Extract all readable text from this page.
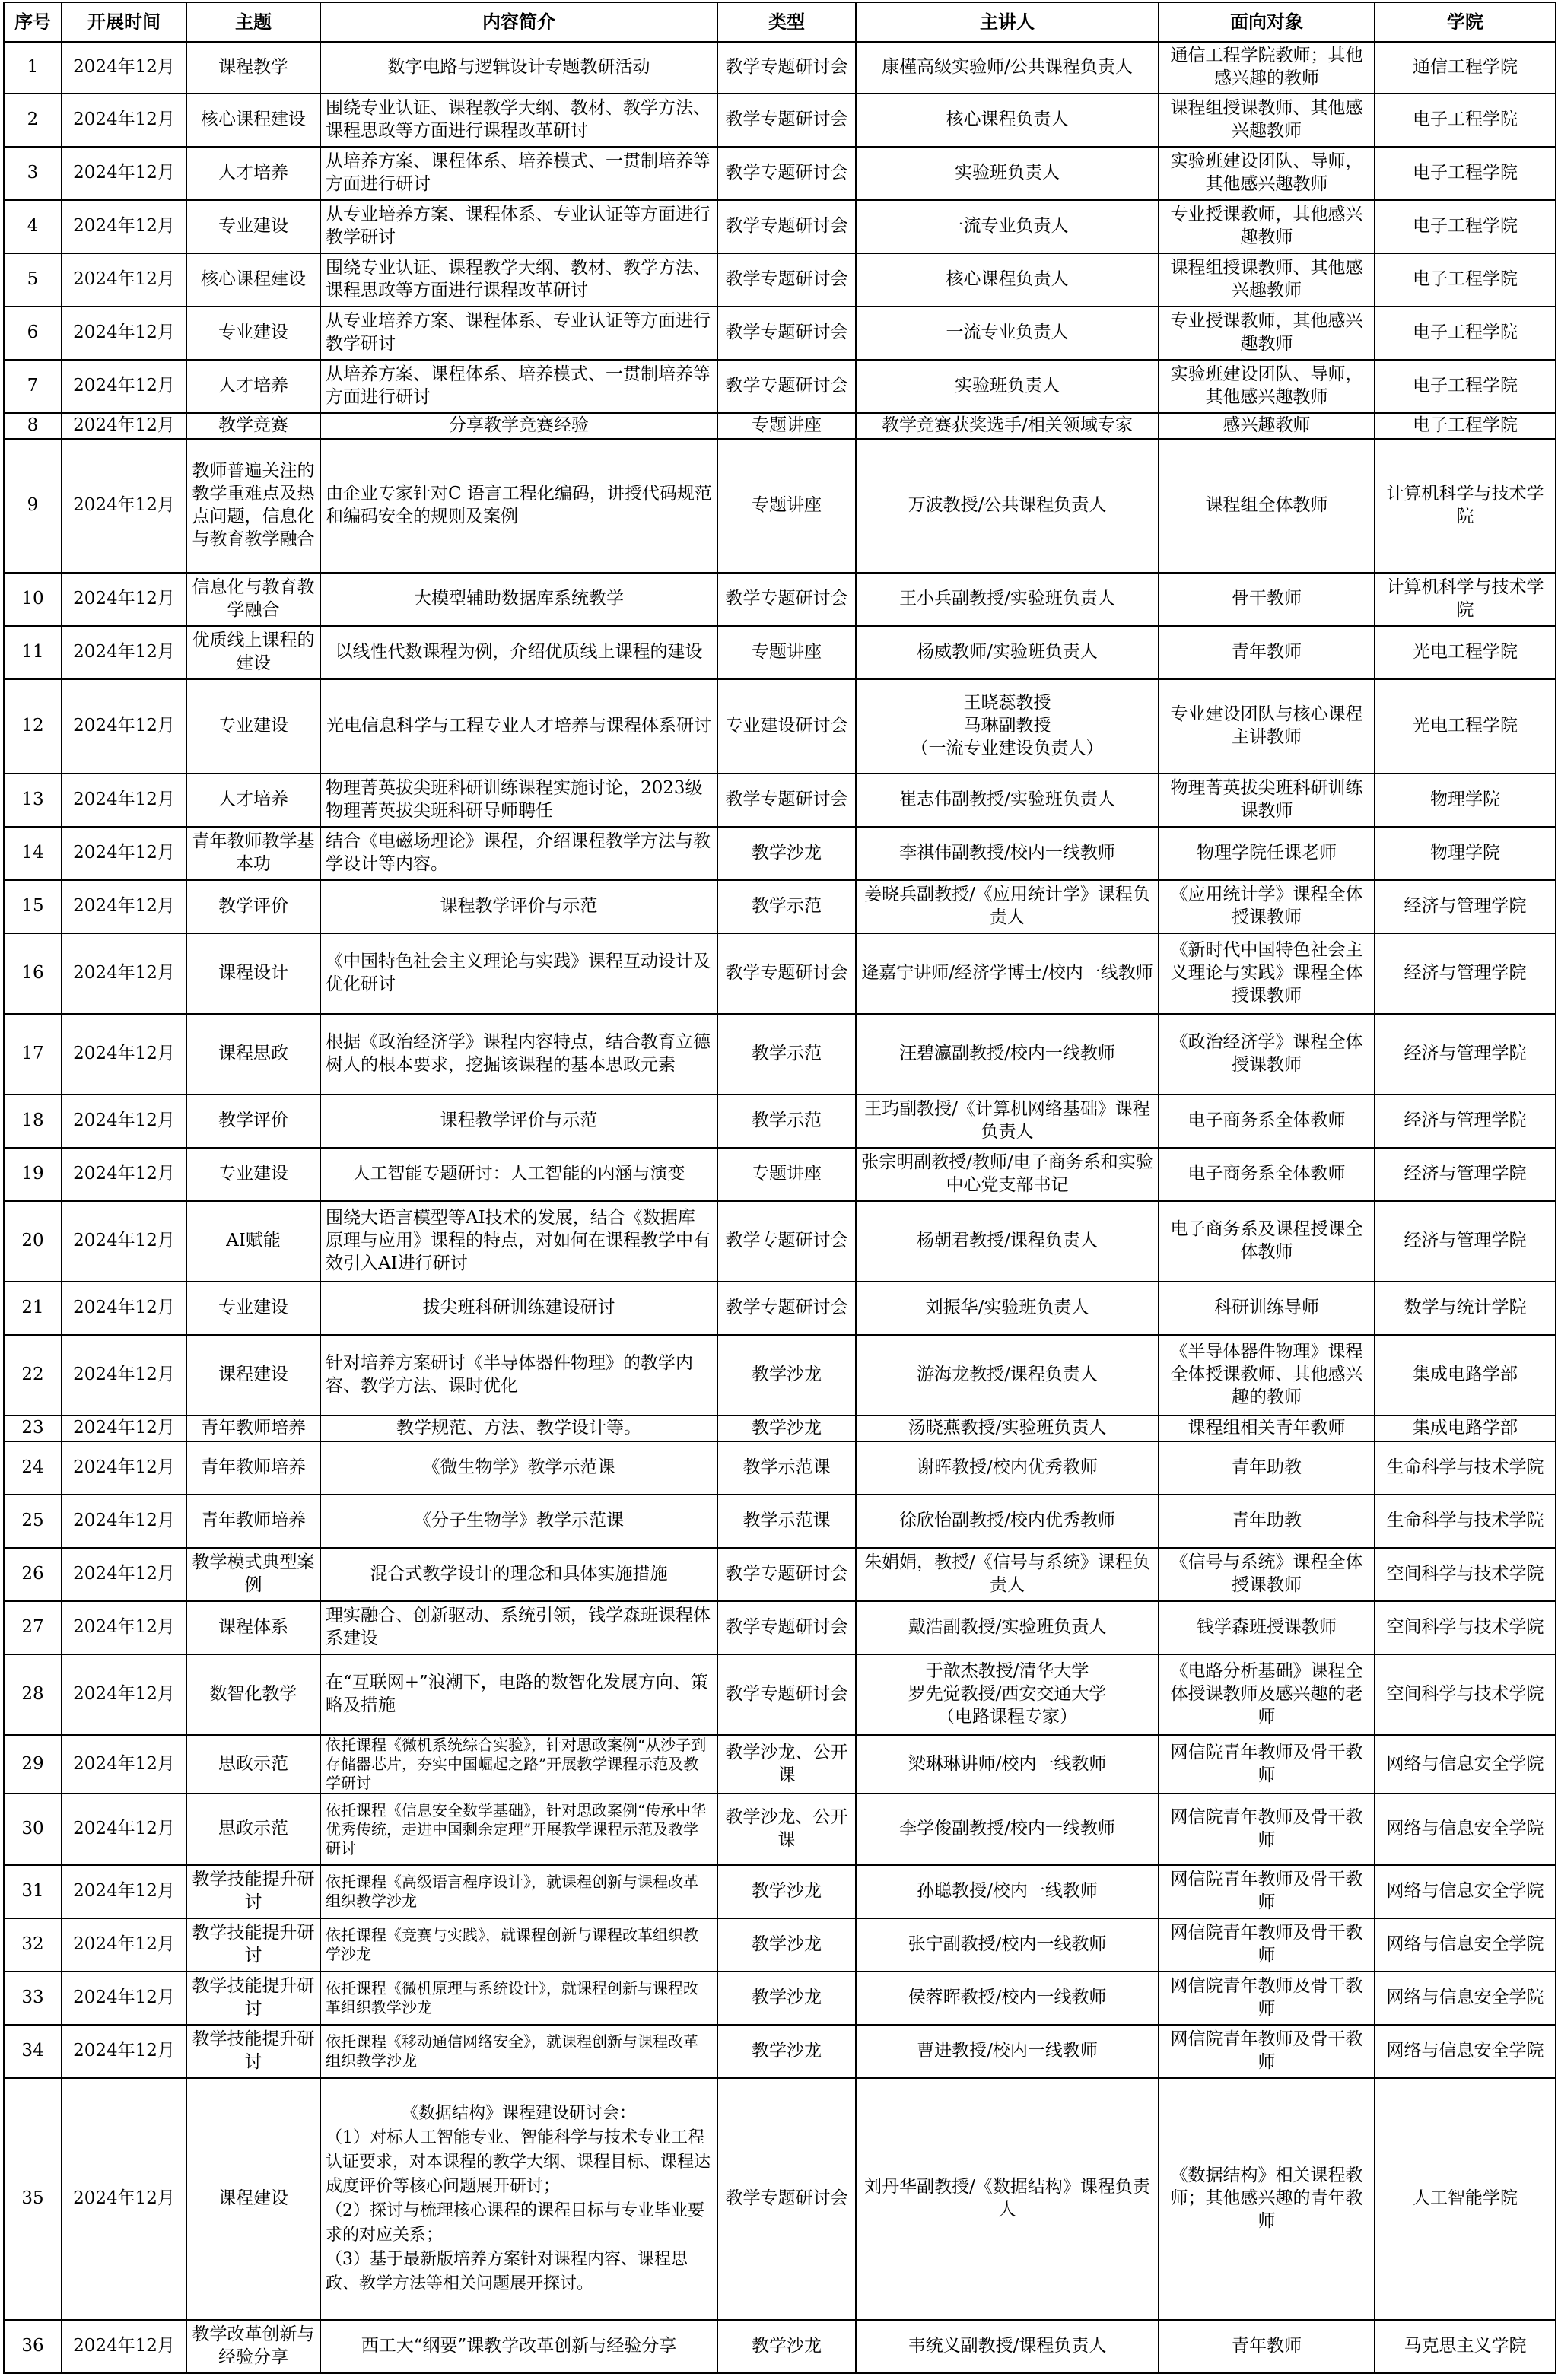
序号	开展时间	主题	内容简介	类型	主讲人	面向对象	学院
1	2024年12月	课程教学	数字电路与逻辑设计专题教研活动	教学专题研讨会	康槿高级实验师/公共课程负责人	通信工程学院教师；其他感兴趣的教师	通信工程学院
2	2024年12月	核心课程建设	围绕专业认证、课程教学大纲、教材、教学方法、课程思政等方面进行课程改革研讨	教学专题研讨会	核心课程负责人	课程组授课教师、其他感兴趣教师	电子工程学院
3	2024年12月	人才培养	从培养方案、课程体系、培养模式、一贯制培养等方面进行研讨	教学专题研讨会	实验班负责人	实验班建设团队、导师，其他感兴趣教师	电子工程学院
4	2024年12月	专业建设	从专业培养方案、课程体系、专业认证等方面进行教学研讨	教学专题研讨会	一流专业负责人	专业授课教师，其他感兴趣教师	电子工程学院
5	2024年12月	核心课程建设	围绕专业认证、课程教学大纲、教材、教学方法、课程思政等方面进行课程改革研讨	教学专题研讨会	核心课程负责人	课程组授课教师、其他感兴趣教师	电子工程学院
6	2024年12月	专业建设	从专业培养方案、课程体系、专业认证等方面进行教学研讨	教学专题研讨会	一流专业负责人	专业授课教师，其他感兴趣教师	电子工程学院
7	2024年12月	人才培养	从培养方案、课程体系、培养模式、一贯制培养等方面进行研讨	教学专题研讨会	实验班负责人	实验班建设团队、导师，其他感兴趣教师	电子工程学院
8	2024年12月	教学竞赛	分享教学竞赛经验	专题讲座	教学竞赛获奖选手/相关领域专家	感兴趣教师	电子工程学院
9	2024年12月	教师普遍关注的教学重难点及热点问题，信息化与教育教学融合	由企业专家针对C 语言工程化编码，讲授代码规范和编码安全的规则及案例	专题讲座	万波教授/公共课程负责人	课程组全体教师	计算机科学与技术学院
10	2024年12月	信息化与教育教学融合	大模型辅助数据库系统教学	教学专题研讨会	王小兵副教授/实验班负责人	骨干教师	计算机科学与技术学院
11	2024年12月	优质线上课程的建设	以线性代数课程为例，介绍优质线上课程的建设	专题讲座	杨威教师/实验班负责人	青年教师	光电工程学院
12	2024年12月	专业建设	光电信息科学与工程专业人才培养与课程体系研讨	专业建设研讨会	王晓蕊教授
马琳副教授
（一流专业建设负责人）	专业建设团队与核心课程主讲教师	光电工程学院
13	2024年12月	人才培养	物理菁英拔尖班科研训练课程实施讨论，2023级物理菁英拔尖班科研导师聘任	教学专题研讨会	崔志伟副教授/实验班负责人	物理菁英拔尖班科研训练课教师	物理学院
14	2024年12月	青年教师教学基本功	结合《电磁场理论》课程，介绍课程教学方法与教学设计等内容。	教学沙龙	李祺伟副教授/校内一线教师	物理学院任课老师	物理学院
15	2024年12月	教学评价	课程教学评价与示范	教学示范	姜晓兵副教授/《应用统计学》课程负责人	《应用统计学》课程全体授课教师	经济与管理学院
16	2024年12月	课程设计	《中国特色社会主义理论与实践》课程互动设计及优化研讨	教学专题研讨会	逄嘉宁讲师/经济学博士/校内一线教师	《新时代中国特色社会主义理论与实践》课程全体授课教师	经济与管理学院
17	2024年12月	课程思政	根据《政治经济学》课程内容特点，结合教育立德树人的根本要求，挖掘该课程的基本思政元素	教学示范	汪碧瀛副教授/校内一线教师	《政治经济学》课程全体授课教师	经济与管理学院
18	2024年12月	教学评价	课程教学评价与示范	教学示范	王玙副教授/《计算机网络基础》课程负责人	电子商务系全体教师	经济与管理学院
19	2024年12月	专业建设	人工智能专题研讨：人工智能的内涵与演变	专题讲座	张宗明副教授/教师/电子商务系和实验中心党支部书记	电子商务系全体教师	经济与管理学院
20	2024年12月	AI赋能	围绕大语言模型等AI技术的发展，结合《数据库原理与应用》课程的特点，对如何在课程教学中有效引入AI进行研讨	教学专题研讨会	杨朝君教授/课程负责人	电子商务系及课程授课全体教师	经济与管理学院
21	2024年12月	专业建设	拔尖班科研训练建设研讨	教学专题研讨会	刘振华/实验班负责人	科研训练导师	数学与统计学院
22	2024年12月	课程建设	针对培养方案研讨《半导体器件物理》的教学内容、教学方法、课时优化	教学沙龙	游海龙教授/课程负责人	《半导体器件物理》课程全体授课教师、其他感兴趣的教师	集成电路学部
23	2024年12月	青年教师培养	教学规范、方法、教学设计等。	教学沙龙	汤晓燕教授/实验班负责人	课程组相关青年教师	集成电路学部
24	2024年12月	青年教师培养	《微生物学》教学示范课	教学示范课	谢晖教授/校内优秀教师	青年助教	生命科学与技术学院
25	2024年12月	青年教师培养	《分子生物学》教学示范课	教学示范课	徐欣怡副教授/校内优秀教师	青年助教	生命科学与技术学院
26	2024年12月	教学模式典型案例	混合式教学设计的理念和具体实施措施	教学专题研讨会	朱娟娟，教授/《信号与系统》课程负责人	《信号与系统》课程全体授课教师	空间科学与技术学院
27	2024年12月	课程体系	理实融合、创新驱动、系统引领，钱学森班课程体系建设	教学专题研讨会	戴浩副教授/实验班负责人	钱学森班授课教师	空间科学与技术学院
28	2024年12月	数智化教学	在“互联网+”浪潮下，电路的数智化发展方向、策略及措施	教学专题研讨会	于歆杰教授/清华大学
罗先觉教授/西安交通大学
（电路课程专家）	《电路分析基础》课程全体授课教师及感兴趣的老师	空间科学与技术学院
29	2024年12月	思政示范	依托课程《微机系统综合实验》，针对思政案例“从沙子到存储器芯片，夯实中国崛起之路”开展教学课程示范及教学研讨	教学沙龙、公开课	梁琳琳讲师/校内一线教师	网信院青年教师及骨干教师	网络与信息安全学院
30	2024年12月	思政示范	依托课程《信息安全数学基础》，针对思政案例“传承中华优秀传统，走进中国剩余定理”开展教学课程示范及教学研讨	教学沙龙、公开课	李学俊副教授/校内一线教师	网信院青年教师及骨干教师	网络与信息安全学院
31	2024年12月	教学技能提升研讨	依托课程《高级语言程序设计》，就课程创新与课程改革组织教学沙龙	教学沙龙	孙聪教授/校内一线教师	网信院青年教师及骨干教师	网络与信息安全学院
32	2024年12月	教学技能提升研讨	依托课程《竞赛与实践》，就课程创新与课程改革组织教学沙龙	教学沙龙	张宁副教授/校内一线教师	网信院青年教师及骨干教师	网络与信息安全学院
33	2024年12月	教学技能提升研讨	依托课程《微机原理与系统设计》，就课程创新与课程改革组织教学沙龙	教学沙龙	侯蓉晖教授/校内一线教师	网信院青年教师及骨干教师	网络与信息安全学院
34	2024年12月	教学技能提升研讨	依托课程《移动通信网络安全》，就课程创新与课程改革组织教学沙龙	教学沙龙	曹进教授/校内一线教师	网信院青年教师及骨干教师	网络与信息安全学院
35	2024年12月	课程建设	《数据结构》课程建设研讨会：
（1）对标人工智能专业、智能科学与技术专业工程认证要求，对本课程的教学大纲、课程目标、课程达成度评价等核心问题展开研讨；
（2）探讨与梳理核心课程的课程目标与专业毕业要求的对应关系；
（3）基于最新版培养方案针对课程内容、课程思政、教学方法等相关问题展开探讨。	教学专题研讨会	刘丹华副教授/《数据结构》课程负责人	《数据结构》相关课程教师；其他感兴趣的青年教师	人工智能学院
36	2024年12月	教学改革创新与经验分享	西工大“纲要”课教学改革创新与经验分享	教学沙龙	韦统义副教授/课程负责人	青年教师	马克思主义学院
